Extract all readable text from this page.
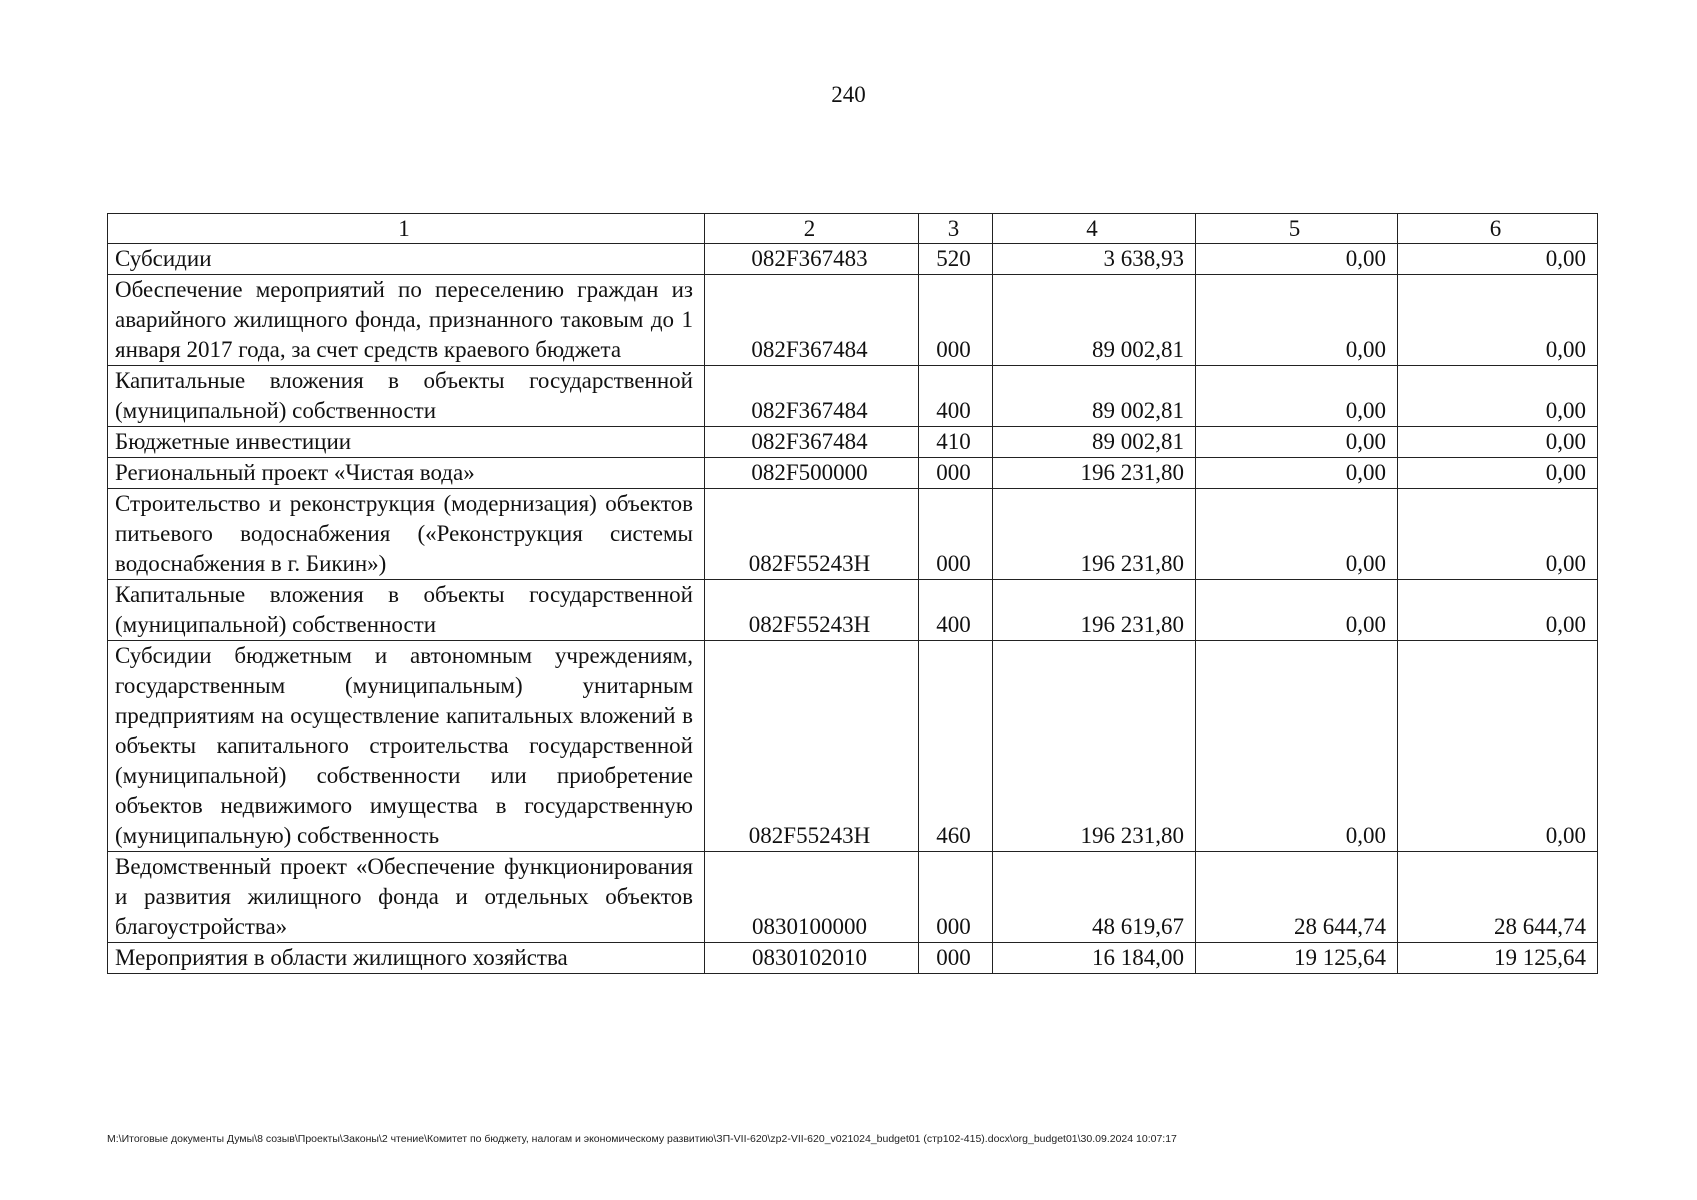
240
1	2	3	4	5	6
Субсидии	082F367483	520	3 638,93	0,00	0,00
Обеспечение мероприятий по переселению граждан из аварийного жилищного фонда, признанного таковым до 1 января 2017 года, за счет средств краевого бюджета	082F367484	000	89 002,81	0,00	0,00
Капитальные вложения в объекты государственной (муниципальной) собственности	082F367484	400	89 002,81	0,00	0,00
Бюджетные инвестиции	082F367484	410	89 002,81	0,00	0,00
Региональный проект «Чистая вода»	082F500000	000	196 231,80	0,00	0,00
Строительство и реконструкция (модернизация) объектов питьевого водоснабжения («Реконструкция системы водоснабжения в г. Бикин»)	082F55243H	000	196 231,80	0,00	0,00
Капитальные вложения в объекты государственной (муниципальной) собственности	082F55243H	400	196 231,80	0,00	0,00
Субсидии бюджетным и автономным учреждениям, государственным (муниципальным) унитарным предприятиям на осуществление капитальных вложений в объекты капитального строительства государственной (муниципальной) собственности или приобретение объектов недвижимого имущества в государственную (муниципальную) собственность	082F55243H	460	196 231,80	0,00	0,00
Ведомственный проект «Обеспечение функционирования и развития жилищного фонда и отдельных объектов благоустройства»	0830100000	000	48 619,67	28 644,74	28 644,74
Мероприятия в области жилищного хозяйства	0830102010	000	16 184,00	19 125,64	19 125,64
M:\Итоговые документы Думы\8 созыв\Проекты\Законы\2 чтение\Комитет по бюджету, налогам и экономическому развитию\ЗП-VII-620\zp2-VII-620_v021024_budget01 (стр102-415).docx\org_budget01\30.09.2024 10:07:17
